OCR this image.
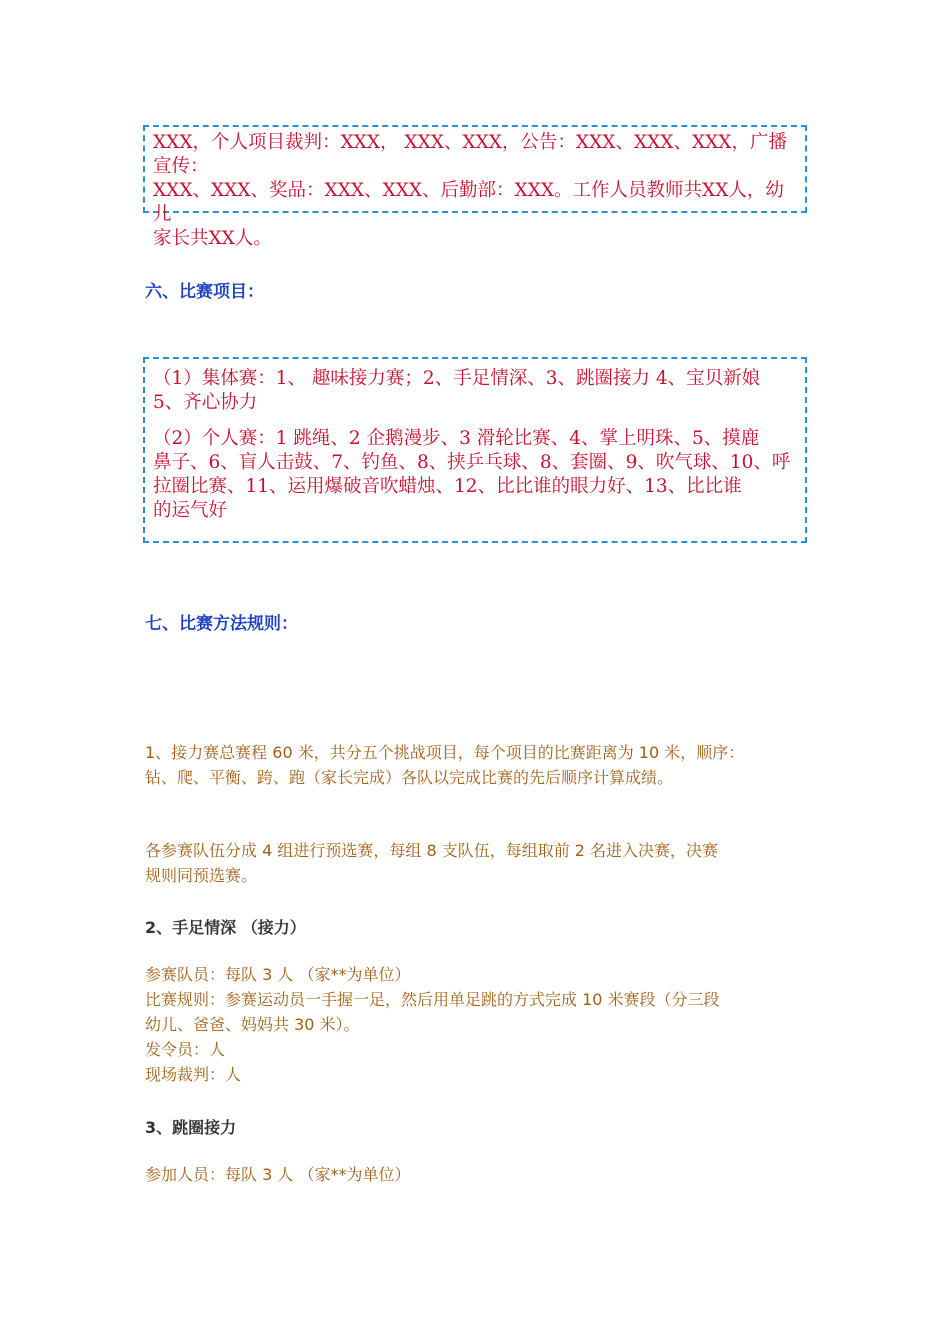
XXX，个人项目裁判：XXX， XXX、XXX，公告：XXX、XXX、XXX，广播宣传：
XXX、XXX、奖品：XXX、XXX、后勤部：XXX。工作人员教师共XX人，幼儿
家长共XX人。
六、比赛项目：

（1）集体赛：1、 趣味接力赛；2、手足情深、3、跳圈接力 4、宝贝新娘
5、齐心协力

（2）个人赛：1 跳绳、2 企鹅漫步、3 滑轮比赛、4、掌上明珠、5、摸鹿
鼻子、6、盲人击鼓、7、钓鱼、8、挟乒乓球、8、套圈、9、吹气球、10、呼
拉圈比赛、11、运用爆破音吹蜡烛、12、比比谁的眼力好、13、比比谁
的运气好

七、比赛方法规则：

1、接力赛总赛程 60 米，共分五个挑战项目，每个项目的比赛距离为 10 米，顺序：
钻、爬、平衡、跨、跑（家长完成）各队以完成比赛的先后顺序计算成绩。

各参赛队伍分成 4 组进行预选赛，每组 8 支队伍，每组取前 2 名进入决赛，决赛
规则同预选赛。

2、手足情深 （接力）

参赛队员：每队 3 人 （家**为单位）
比赛规则：参赛运动员一手握一足，然后用单足跳的方式完成 10 米赛段（分三段
幼儿、爸爸、妈妈共 30 米）。
发令员：人
现场裁判：人

3、跳圈接力

参加人员：每队 3 人 （家**为单位）
